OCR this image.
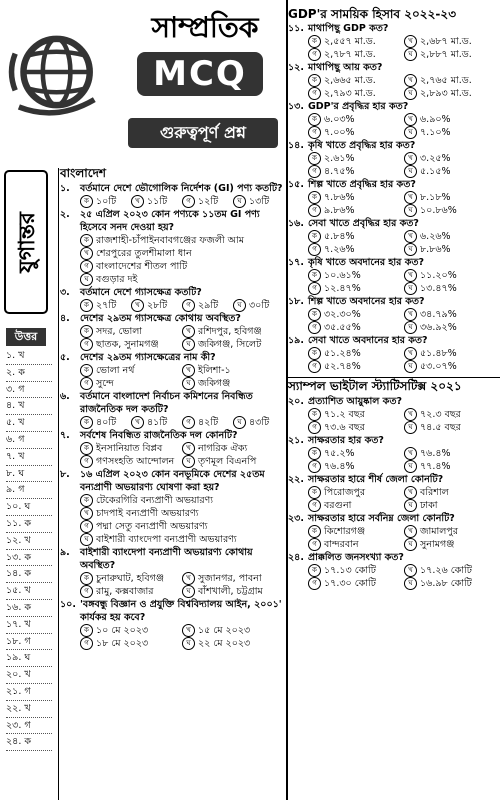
সাম্প্রতিক
MCQ
গুরুত্বপূর্ণ প্রশ্ন
যুগান্তর
উত্তর
১. খ
২. ক
৩. গ
৪. খ
৫. খ
৬. গ
৭. খ
৮. ঘ
৯. গ
১০. ঘ
১১. ক
১২. খ
১৩. ক
১৪. ক
১৫. খ
১৬. ক
১৭. খ
১৮. গ
১৯. ঘ
২০. খ
২১. গ
২২. খ
২৩. গ
২৪. ক
বাংলাদেশ
১.	বর্তমানে দেশে ভৌগোলিক নির্দেশক (GI) পণ্য কতটি?
ক ১০টি	খ ১১টি	গ ১২টি	ঘ ১৩টি
২.	২৫ এপ্রিল ২০২৩ কোন পণ্যকে ১১তম GI পণ্য হিসেবে সনদ দেওয়া হয়?
ক রাজশাহী-চাঁপাইনবাবগঞ্জের ফজলী আম
খ শেরপুরের তুলশীমালা ধান
গ বাংলাদেশের শীতল পাটি
ঘ বগুড়ার দই
৩.	বর্তমানে দেশে গ্যাসক্ষেত্র কতটি?
ক ২৭টি	খ ২৮টি	গ ২৯টি	ঘ ৩০টি
৪.	দেশের ২৯তম গ্যাসক্ষেত্র কোথায় অবস্থিত?
ক সদর, ভোলা	খ রশিদপুর, হবিগঞ্জ
গ ছাতক, সুনামগঞ্জ	ঘ জকিগঞ্জ, সিলেট
৫.	দেশের ২৯তম গ্যাসক্ষেত্রের নাম কী?
ক ভোলা নর্থ	খ ইলিশা-১
গ সুন্দে	ঘ জকিগঞ্জ
৬.	বর্তমানে বাংলাদেশ নির্বাচন কমিশনের নিবন্ধিত রাজনৈতিক দল কতটি?
ক ৪০টি	খ ৪১টি	গ ৪২টি	ঘ ৪৩টি
৭.	সর্বশেষ নিবন্ধিত রাজনৈতিক দল কোনটি?
ক ইনসানিয়াত বিপ্লব	খ নাগরিক ঐক্য
গ গণসংহতি আন্দোলন	ঘ তৃণমূল বিএনপি
৮.	১৬ এপ্রিল ২০২৩ কোন বনভূমিকে দেশের ২৫তম বন্যপ্রাণী অভয়ারণ্য ঘোষণা করা হয়?
ক টেকেরগিরি বন্যপ্রাণী অভয়ারণ্য
খ চাদপাই বন্যপ্রাণী অভয়ারণ্য
গ পদ্মা সেতু বন্যপ্রাণী অভয়ারণ্য
ঘ বাইশারী ব্যাংদেপা বন্যপ্রাণী অভয়ারণ্য
৯.	বাইশারী ব্যাংদেপা বন্যপ্রাণী অভয়ারণ্য কোথায় অবস্থিত?
ক চুনারুঘাট, হবিগঞ্জ	খ সুজানগর, পাবনা
গ রামু, কক্সবাজার	ঘ বাঁশখালী, চট্টগ্রাম
১০. 'বঙ্গবন্ধু বিজ্ঞান ও প্রযুক্তি বিশ্ববিদ্যালয় আইন, ২০০১' কার্যকর হয় কবে?
ক ১০ মে ২০২৩	খ ১৫ মে ২০২৩
গ ১৮ মে ২০২৩	ঘ ২২ মে ২০২৩
GDP'র সাময়িক হিসাব ২০২২-২৩
১১. মাথাপিছু GDP কত?
ক ২,৫৫৭ মা.ড.	খ ২,৬৮৭ মা.ড.
গ ২,৭৮৭ মা.ড.	ঘ ২,৮৮৭ মা.ড.
১২. মাথাপিছু আয় কত?
ক ২,৬৬৫ মা.ড.	খ ২,৭৬৫ মা.ড.
গ ২,৭৯৩ মা.ড.	ঘ ২,৮৯৩ মা.ড.
১৩. GDP'র প্রবৃদ্ধির হার কত?
ক ৬.০৩%	খ ৬.৯০%
গ ৭.০০%	ঘ ৭.১০%
১৪. কৃষি খাতে প্রবৃদ্ধির হার কত?
ক ২.৬১%	খ ৩.২৫%
গ ৪.৭৫%	ঘ ৫.১৫%
১৫. শিল্প খাতে প্রবৃদ্ধির হার কত?
ক ৭.৮৬%	খ ৮.১৮%
গ ৯.৮৬%	ঘ ১০.৮৬%
১৬. সেবা খাতে প্রবৃদ্ধির হার কত?
ক ৫.৮৪%	খ ৬.২৬%
গ ৭.২৬%	ঘ ৮.৮৬%
১৭. কৃষি খাতে অবদানের হার কত?
ক ১০.৬১%	খ ১১.২০%
গ ১২.৪৭%	ঘ ১৩.৪৭%
১৮. শিল্প খাতে অবদানের হার কত?
ক ৩২.৩০%	খ ৩৪.৭৯%
গ ৩৫.৫৫%	ঘ ৩৬.৯২%
১৯. সেবা খাতে অবদানের হার কত?
ক ৫১.২৪%	খ ৫১.৪৮%
গ ৫২.৭৪%	ঘ ৫৩.০৭%
স্যাম্পল ভাইটাল স্ট্যাটিসটিক্স ২০২১
২০. প্রত্যাশিত আয়ুষ্কাল কত?
ক ৭১.২ বছর	খ ৭২.৩ বছর
গ ৭৩.৬ বছর	ঘ ৭৪.৫ বছর
২১. সাক্ষরতার হার কত?
ক ৭৫.২%	খ ৭৬.৪%
গ ৭৬.৪%	ঘ ৭৭.৪%
২২. সাক্ষরতার হারে শীর্ষ জেলা কোনটি?
ক পিরোজপুর	খ বরিশাল
গ বরগুনা	ঘ ঢাকা
২৩. সাক্ষরতার হারে সর্বনিম্ন জেলা কোনটি?
ক কিশোরগঞ্জ	খ জামালপুর
গ বান্দরবান	ঘ সুনামগঞ্জ
২৪. প্রাক্কলিত জনসংখ্যা কত?
ক ১৭.১৩ কোটি	খ ১৭.২৬ কোটি
গ ১৭.৩০ কোটি	ঘ ১৬.৯৮ কোটি
